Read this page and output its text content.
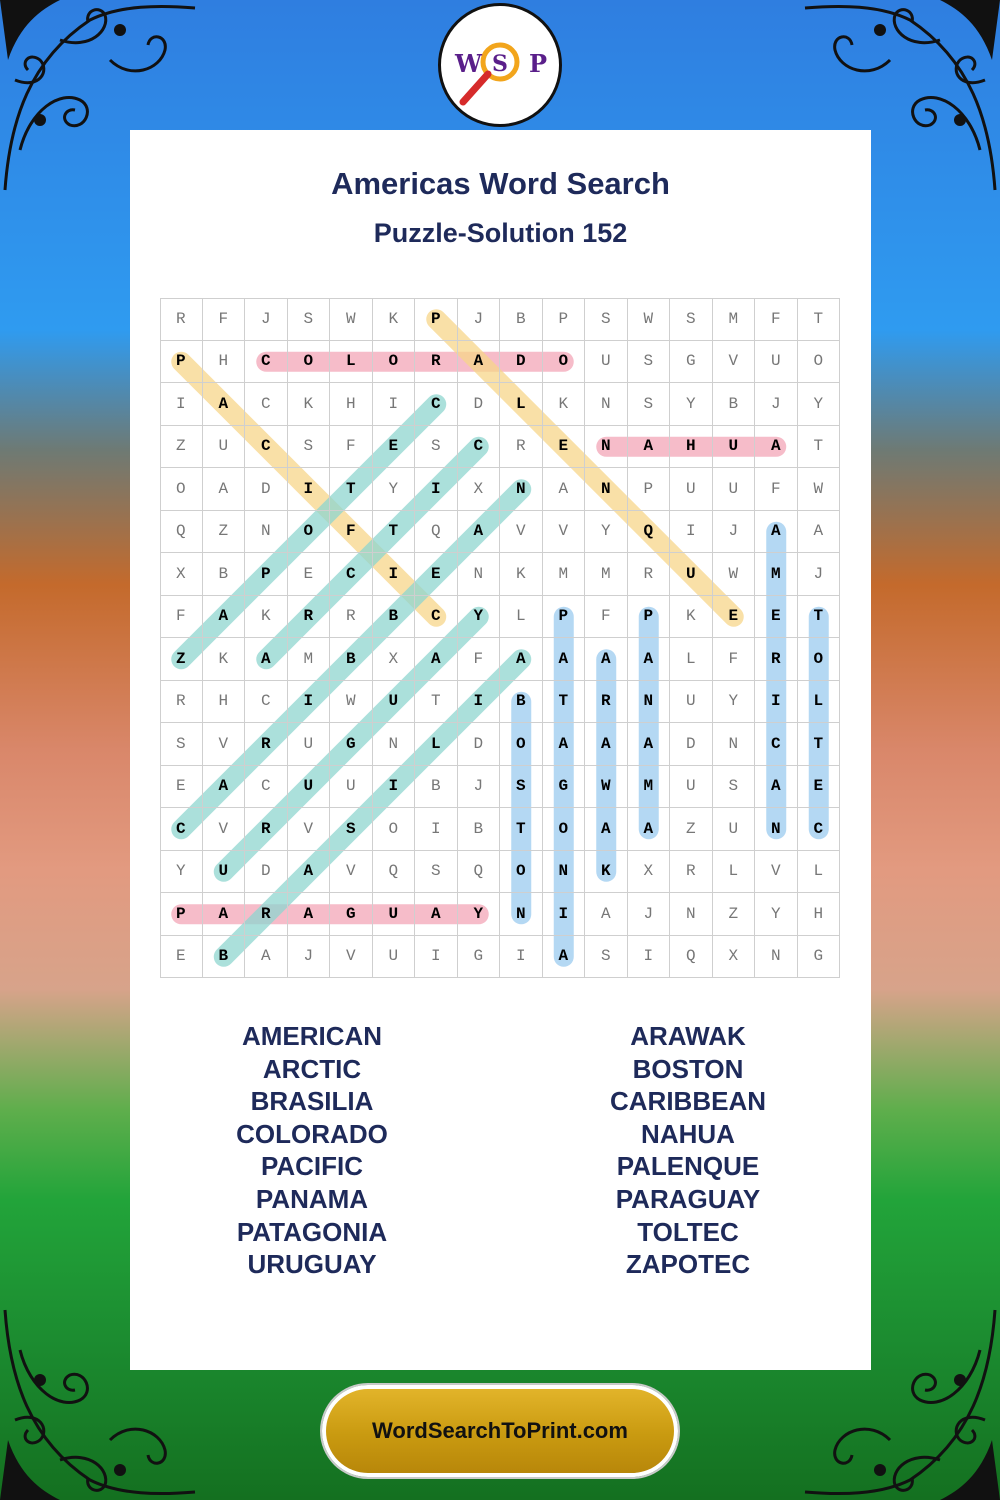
W S P
Americas Word Search
Puzzle-Solution 152
R	F	J	S	W	K	P	J	B	P	S	W	S	M	F	T
P	H	C	O	L	O	R	A	D	O	U	S	G	V	U	O
I	A	C	K	H	I	C	D	L	K	N	S	Y	B	J	Y
Z	U	C	S	F	E	S	C	R	E	N	A	H	U	A	T
O	A	D	I	T	Y	I	X	N	A	N	P	U	U	F	W
Q	Z	N	O	F	T	Q	A	V	V	Y	Q	I	J	A	A
X	B	P	E	C	I	E	N	K	M	M	R	U	W	M	J
F	A	K	R	R	B	C	Y	L	P	F	P	K	E	E	T
Z	K	A	M	B	X	A	F	A	A	A	A	L	F	R	O
R	H	C	I	W	U	T	I	B	T	R	N	U	Y	I	L
S	V	R	U	G	N	L	D	O	A	A	A	D	N	C	T
E	A	C	U	U	I	B	J	S	G	W	M	U	S	A	E
C	V	R	V	S	O	I	B	T	O	A	A	Z	U	N	C
Y	U	D	A	V	Q	S	Q	O	N	K	X	R	L	V	L
P	A	R	A	G	U	A	Y	N	I	A	J	N	Z	Y	H
E	B	A	J	V	U	I	G	I	A	S	I	Q	X	N	G
AMERICAN
ARCTIC
BRASILIA
COLORADO
PACIFIC
PANAMA
PATAGONIA
URUGUAY
ARAWAK
BOSTON
CARIBBEAN
NAHUA
PALENQUE
PARAGUAY
TOLTEC
ZAPOTEC
WordSearchToPrint.com
